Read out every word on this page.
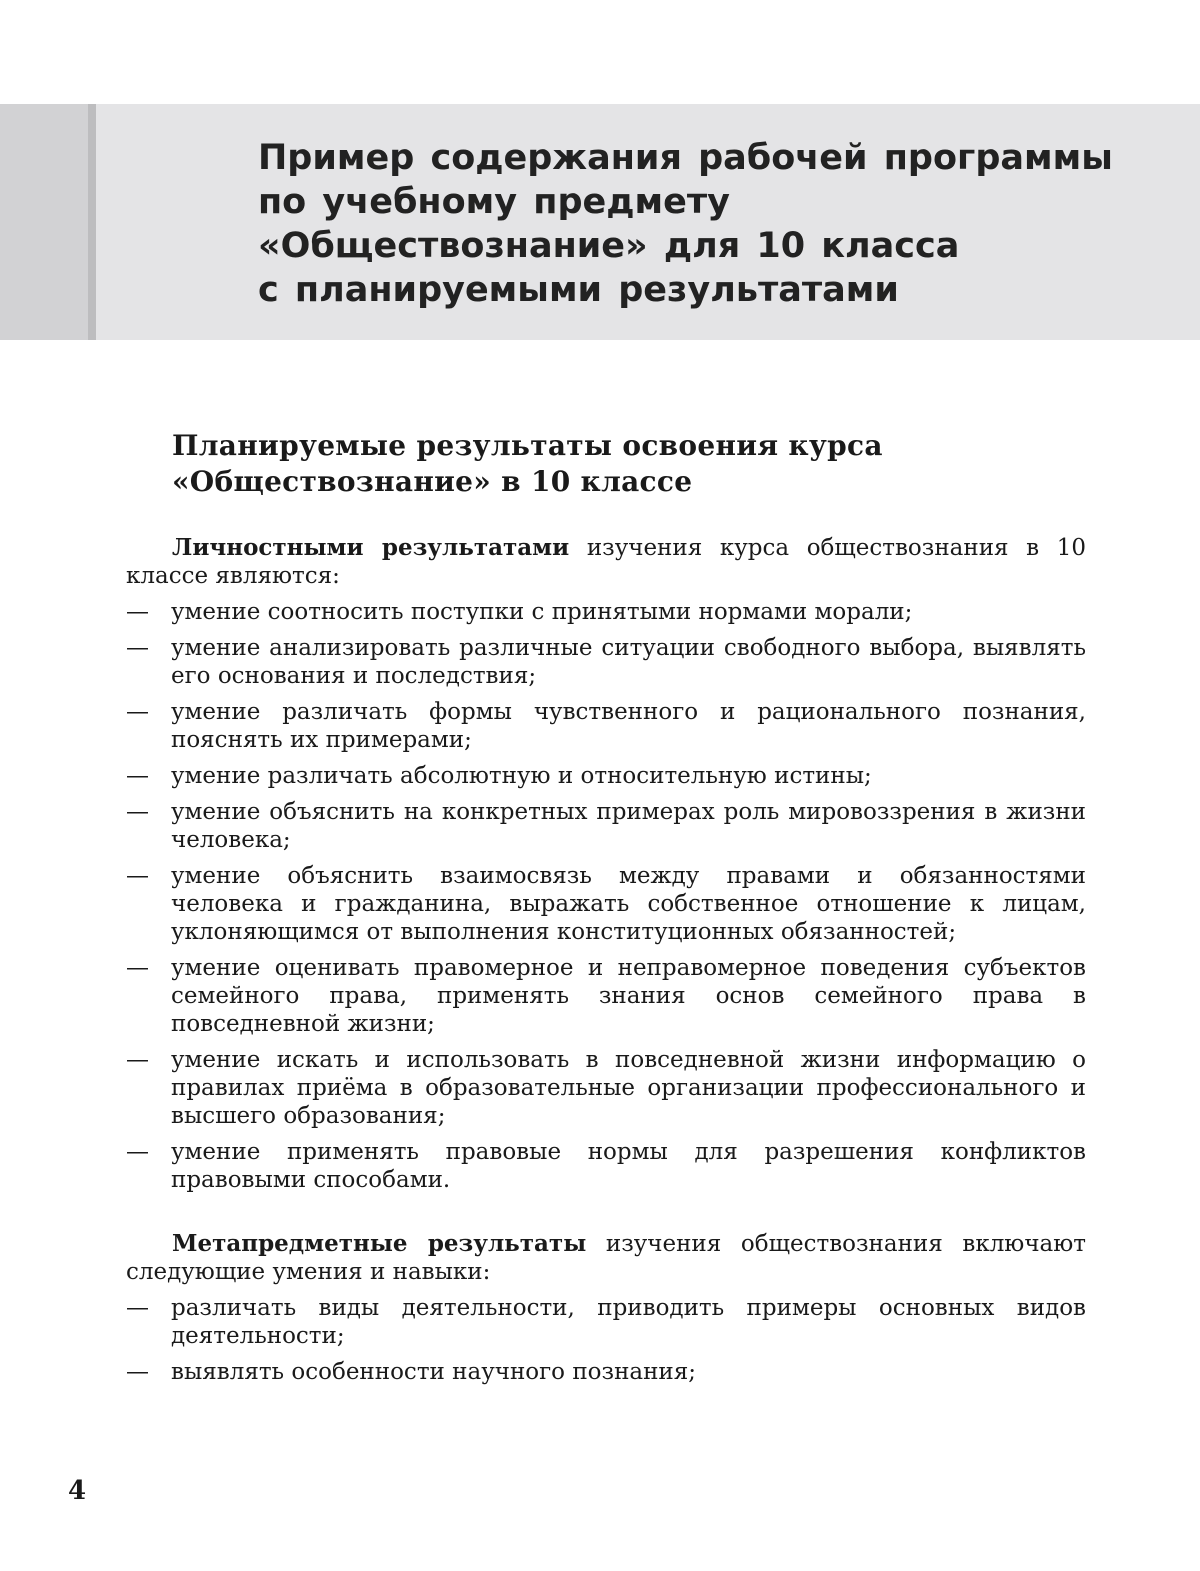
Пример содержания рабочей программы
по учебному предмету
«Обществознание» для 10 класса
с планируемыми результатами
Планируемые результаты освоения курса
«Обществознание» в 10 классе

Личностными результатами изучения курса обществознания в 10 классе являются:

— умение соотносить поступки с принятыми нормами морали;
— умение анализировать различные ситуации свободного выбора, выявлять его основания и последствия;
— умение различать формы чувственного и рационального познания, пояснять их примерами;
— умение различать абсолютную и относительную истины;
— умение объяснить на конкретных примерах роль мировоззрения в жизни человека;
— умение объяснить взаимосвязь между правами и обязанностями человека и гражданина, выражать собственное отношение к лицам, уклоняющимся от выполнения конституционных обязанностей;
— умение оценивать правомерное и неправомерное поведения субъектов семейного права, применять знания основ семейного права в повседневной жизни;
— умение искать и использовать в повседневной жизни информацию о правилах приёма в образовательные организации профессионального и высшего образования;
— умение применять правовые нормы для разрешения конфликтов правовыми способами.

Метапредметные результаты изучения обществознания включают следующие умения и навыки:

— различать виды деятельности, приводить примеры основных видов деятельности;
— выявлять особенности научного познания;
4
